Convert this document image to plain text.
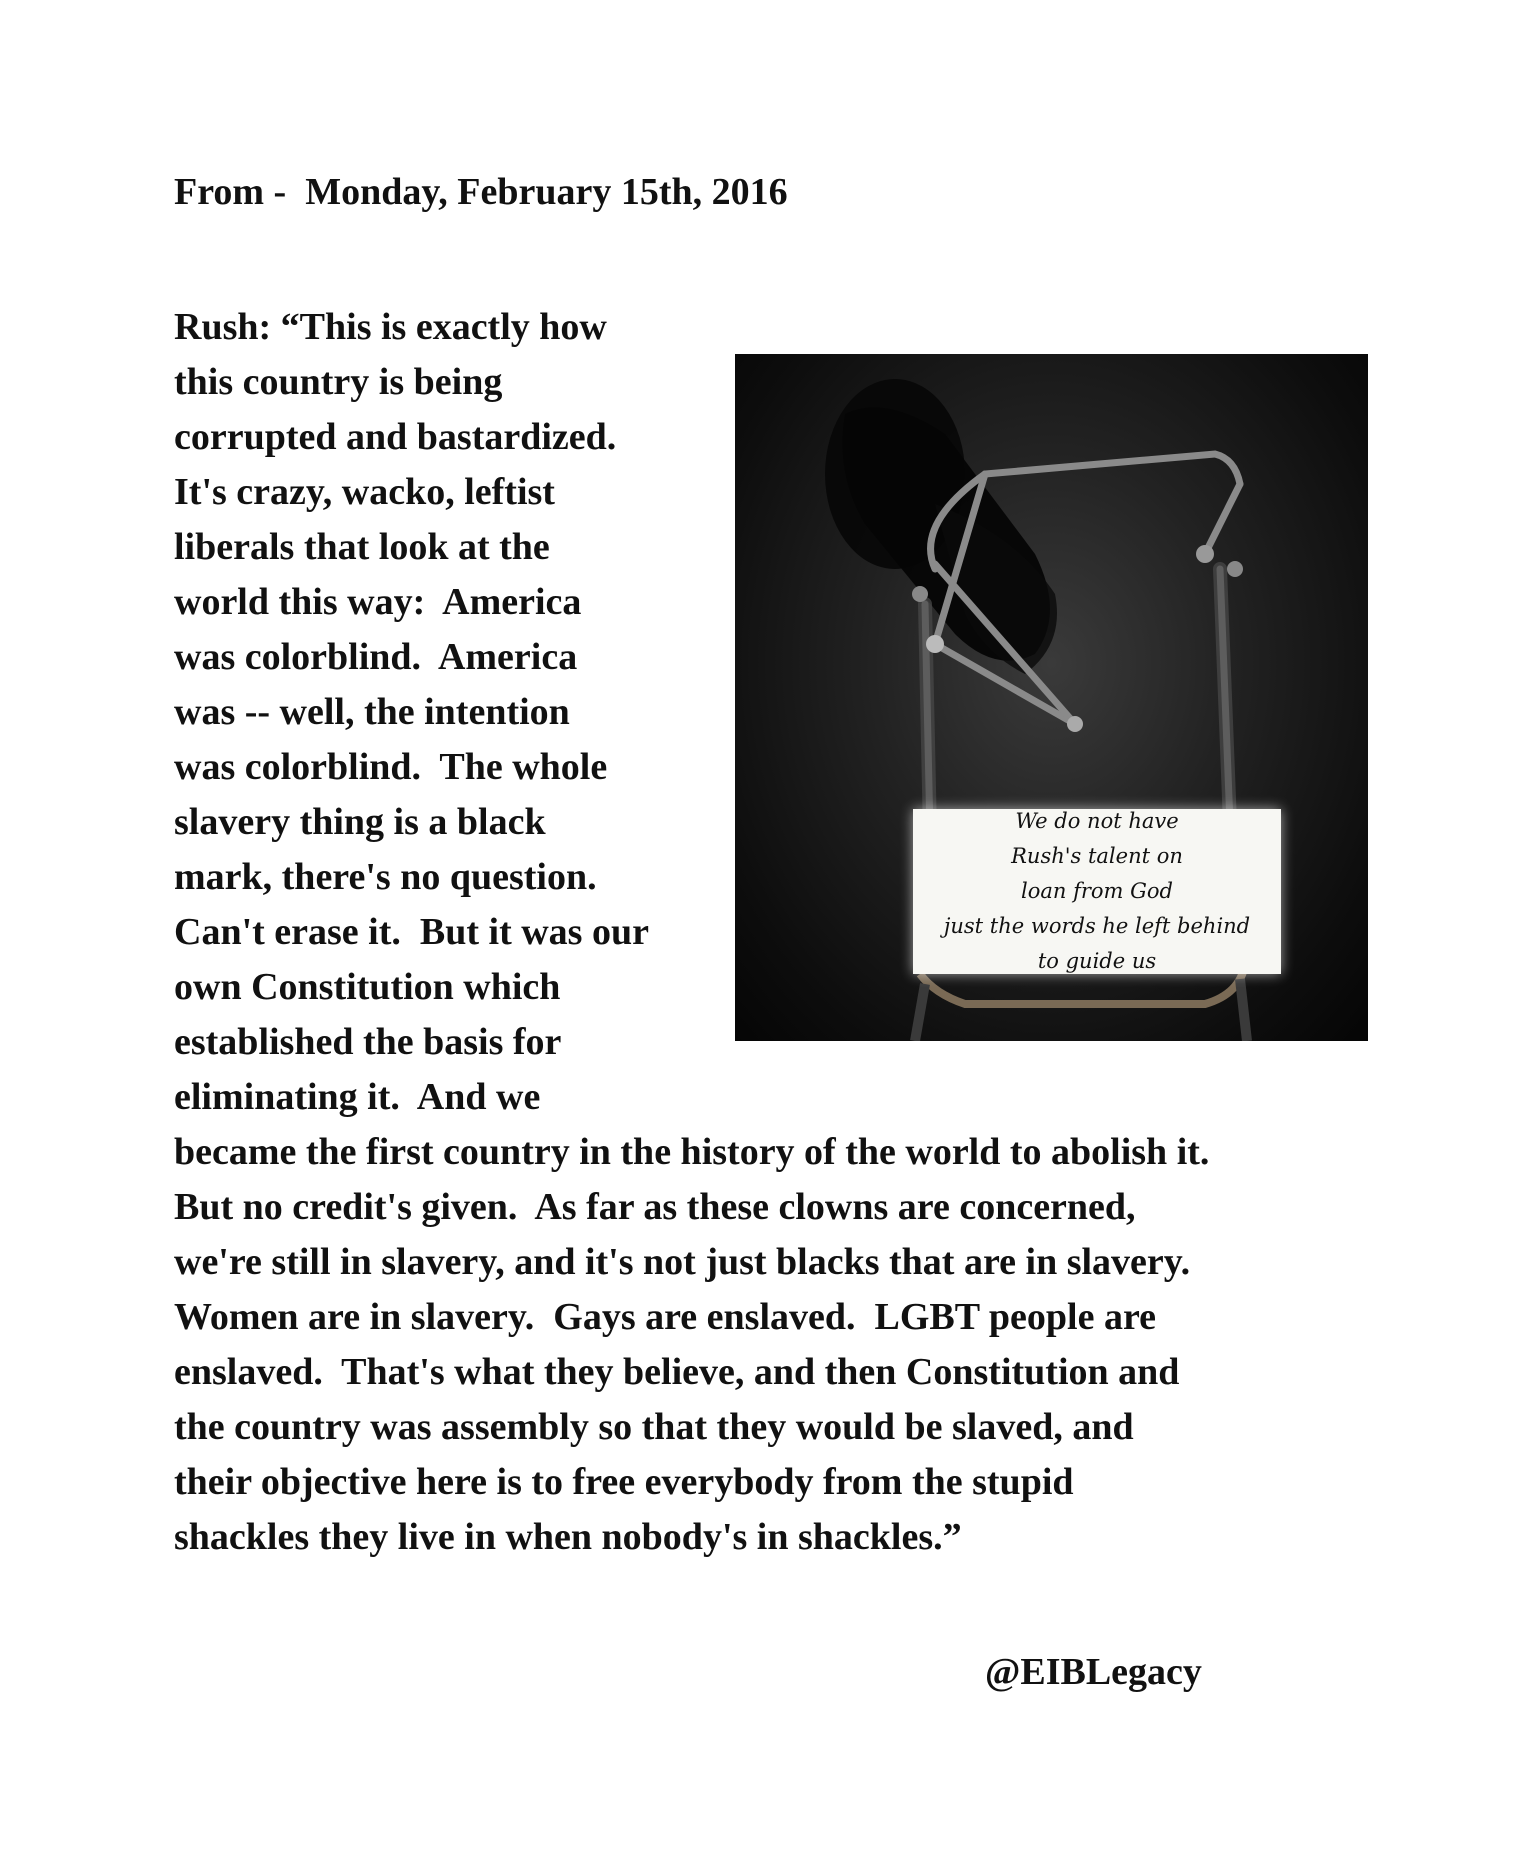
From -  Monday, February 15th, 2016
Rush: “This is exactly how
this country is being
corrupted and bastardized.
It's crazy, wacko, leftist
liberals that look at the
world this way:  America
was colorblind.  America
was -- well, the intention
was colorblind.  The whole
slavery thing is a black
mark, there's no question.
Can't erase it.  But it was our
own Constitution which
established the basis for
eliminating it.  And we
became the first country in the history of the world to abolish it.
But no credit's given.  As far as these clowns are concerned,
we're still in slavery, and it's not just blacks that are in slavery.
Women are in slavery.  Gays are enslaved.  LGBT people are
enslaved.  That's what they believe, and then Constitution and
the country was assembly so that they would be slaved, and
their objective here is to free everybody from the stupid
shackles they live in when nobody's in shackles.”
We do not have
Rush's talent on
loan from God
just the words he left behind
to guide us
@EIBLegacy
